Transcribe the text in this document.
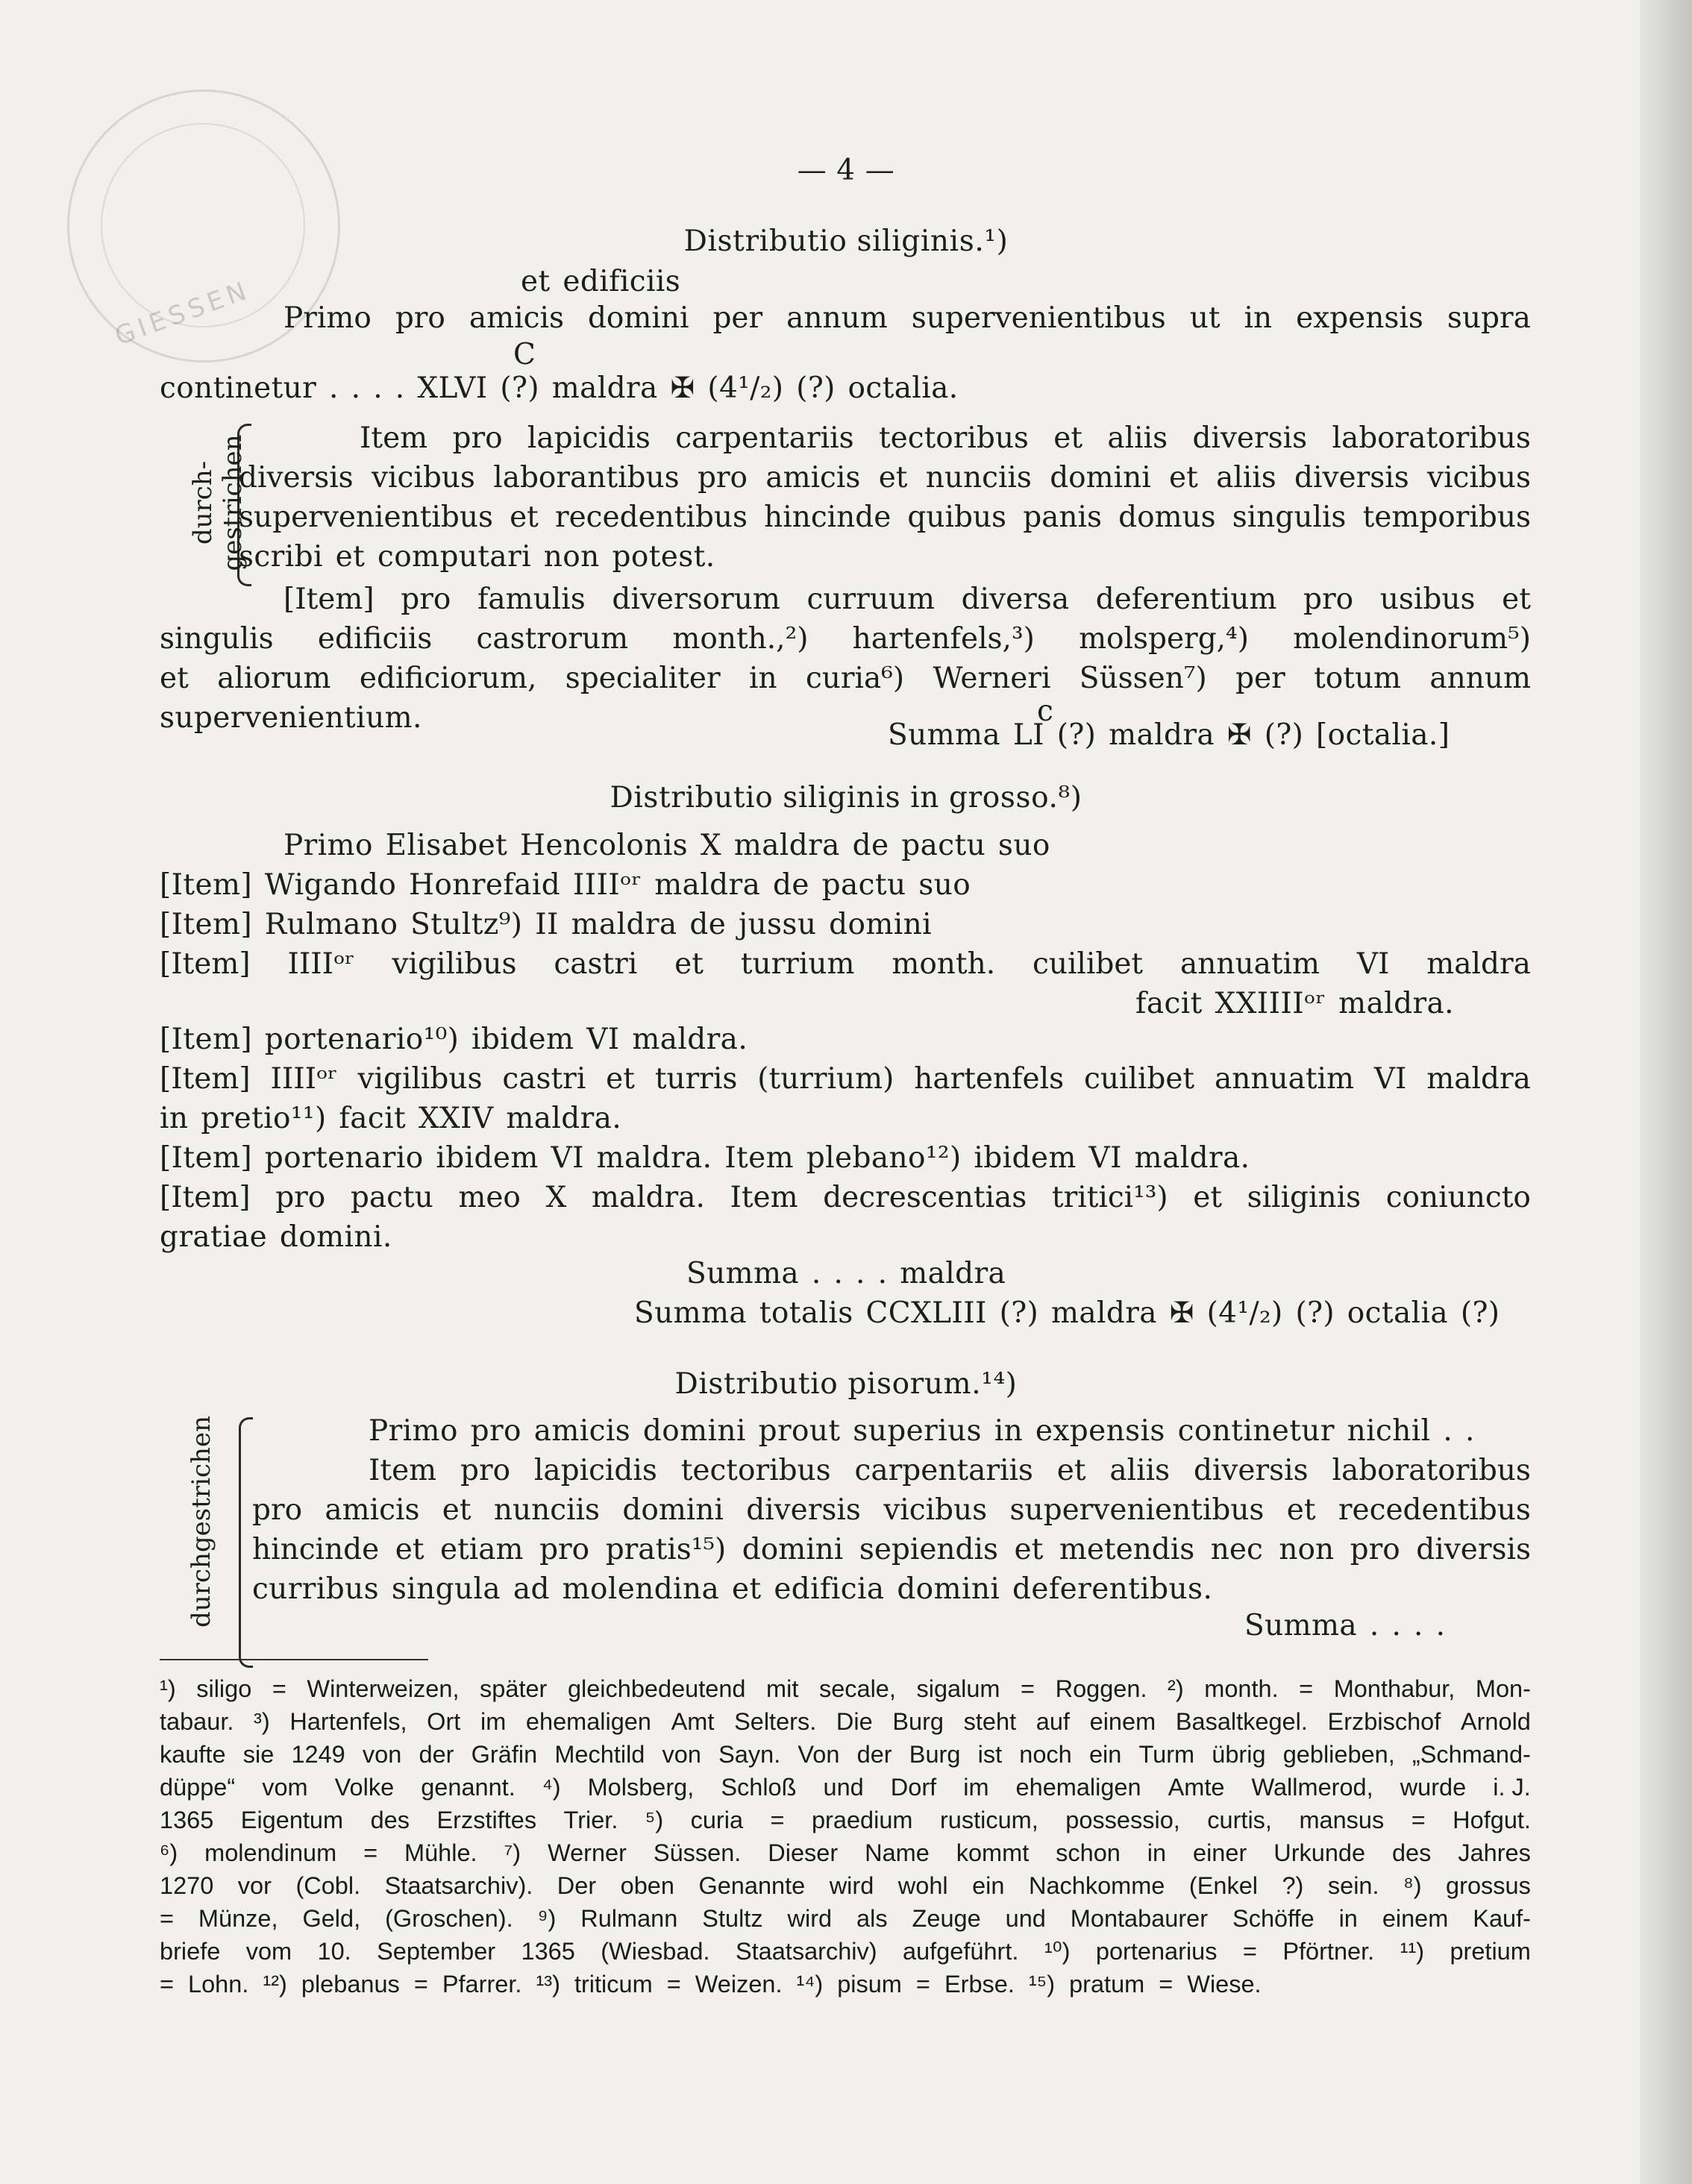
GIESSEN
— 4 —
Distributio siliginis.¹)
et edificiis
Primo pro amicis domini per annum supervenientibus ut in expensis supra
C
continetur . . . . XLVI (?) maldra ✠ (4¹/₂) (?) octalia.
durch- gestrichen	Item pro lapicidis carpentariis tectoribus et aliis diversis laboratoribus
diversis vicibus laborantibus pro amicis et nunciis domini et aliis diversis vicibus
supervenientibus et recedentibus hincinde quibus panis domus singulis temporibus
scribi et computari non potest.
[Item] pro famulis diversorum curruum diversa deferentium pro usibus et
singulis edificiis castrorum month.,²) hartenfels,³) molsperg,⁴) molendinorum⁵)
et aliorum edificiorum, specialiter in curia⁶) Werneri Süssen⁷) per totum annum
supervenientium.	c
Summa LI (?) maldra ✠ (?) [octalia.]
Distributio siliginis in grosso.⁸)
Primo Elisabet Hencolonis X maldra de pactu suo
[Item] Wigando Honrefaid IIIIᵒʳ maldra de pactu suo
[Item] Rulmano Stultz⁹) II maldra de jussu domini
[Item] IIIIᵒʳ vigilibus castri et turrium month. cuilibet annuatim VI maldra
facit XXIIIIᵒʳ maldra.
[Item] portenario¹⁰) ibidem VI maldra.
[Item] IIIIᵒʳ vigilibus castri et turris (turrium) hartenfels cuilibet annuatim VI maldra
in pretio¹¹) facit XXIV maldra.
[Item] portenario ibidem VI maldra. Item plebano¹²) ibidem VI maldra.
[Item] pro pactu meo X maldra. Item decrescentias tritici¹³) et siliginis coniuncto
gratiae domini.
Summa . . . . maldra
Summa totalis CCXLIII (?) maldra ✠ (4¹/₂) (?) octalia (?)
Distributio pisorum.¹⁴)
durchgestrichen	Primo pro amicis domini prout superius in expensis continetur nichil . .
Item pro lapicidis tectoribus carpentariis et aliis diversis laboratoribus
pro amicis et nunciis domini diversis vicibus supervenientibus et recedentibus
hincinde et etiam pro pratis¹⁵) domini sepiendis et metendis nec non pro diversis
curribus singula ad molendina et edificia domini deferentibus.
Summa . . . .
¹) siligo = Winterweizen, später gleichbedeutend mit secale, sigalum = Roggen. ²) month. = Monthabur, Mon-
tabaur. ³) Hartenfels, Ort im ehemaligen Amt Selters. Die Burg steht auf einem Basaltkegel. Erzbischof Arnold
kaufte sie 1249 von der Gräfin Mechtild von Sayn. Von der Burg ist noch ein Turm übrig geblieben, „Schmand-
düppe“ vom Volke genannt. ⁴) Molsberg, Schloß und Dorf im ehemaligen Amte Wallmerod, wurde i. J.
1365 Eigentum des Erzstiftes Trier. ⁵) curia = praedium rusticum, possessio, curtis, mansus = Hofgut.
⁶) molendinum = Mühle. ⁷) Werner Süssen. Dieser Name kommt schon in einer Urkunde des Jahres
1270 vor (Cobl. Staatsarchiv). Der oben Genannte wird wohl ein Nachkomme (Enkel ?) sein. ⁸) grossus
= Münze, Geld, (Groschen). ⁹) Rulmann Stultz wird als Zeuge und Montabaurer Schöffe in einem Kauf-
briefe vom 10. September 1365 (Wiesbad. Staatsarchiv) aufgeführt. ¹⁰) portenarius = Pförtner. ¹¹) pretium
= Lohn. ¹²) plebanus = Pfarrer. ¹³) triticum = Weizen. ¹⁴) pisum = Erbse. ¹⁵) pratum = Wiese.
